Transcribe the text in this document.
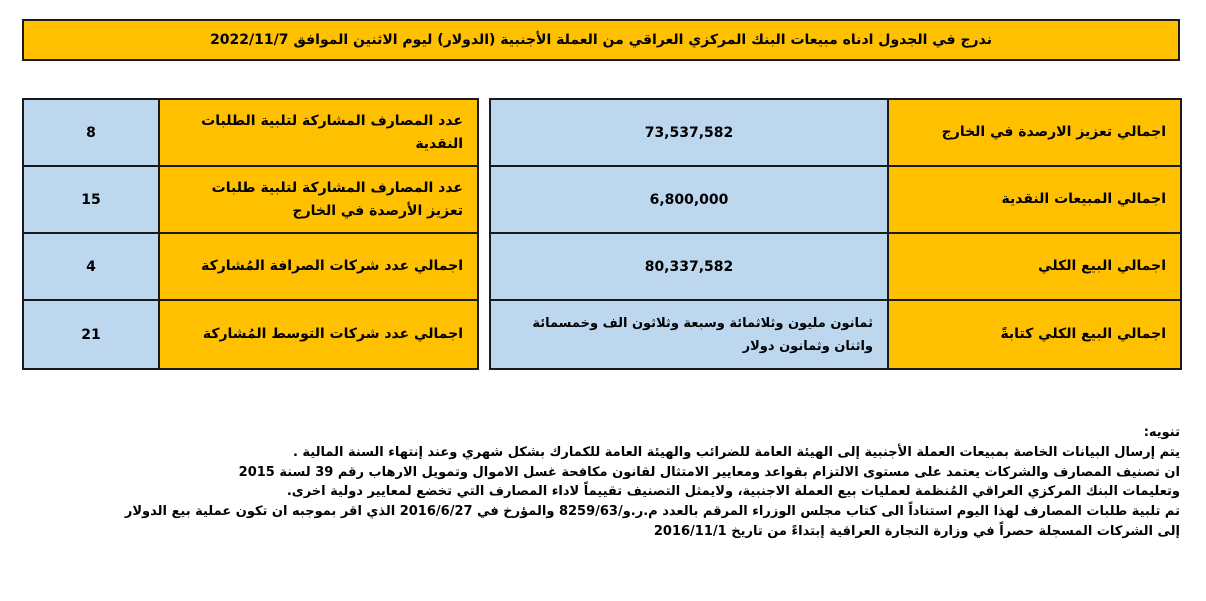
ندرج في الجدول ادناه مبيعات البنك المركزي العراقي من العملة الأجنبية (الدولار) ليوم الاثنين الموافق 2022/11/7
73,537,582	اجمالي تعزيز الارصدة في الخارج
6,800,000	اجمالي المبيعات النقدية
80,337,582	اجمالي البيع الكلي
ثمانون مليون وثلاثمائة وسبعة وثلاثون الف وخمسمائة واثنان وثمانون دولار	اجمالي البيع الكلي كتابةً
8	عدد المصارف المشاركة لتلبية الطلبات النقدية
15	عدد المصارف المشاركة لتلبية طلبات تعزيز الأرصدة في الخارج
4	اجمالي عدد شركات الصرافة المُشاركة
21	اجمالي عدد شركات التوسط المُشاركة

تنويه:

يتم إرسال البيانات الخاصة بمبيعات العملة الأجنبية إلى الهيئة العامة للضرائب والهيئة العامة للكمارك بشكل شهري وعند إنتهاء السنة المالية .

ان تصنيف المصارف والشركات يعتمد على مستوى الالتزام بقواعد ومعايير الامتثال لقانون مكافحة غسل الاموال وتمويل الارهاب رقم 39 لسنة 2015

وتعليمات البنك المركزي العراقي المُنظمة لعمليات بيع العملة الاجنبية، ولايمثل التصنيف تقييماً لاداء المصارف التي تخضع لمعايير دولية اخرى.

تم تلبية طلبات المصارف لهذا اليوم استناداً الى كتاب مجلس الوزراء المرقم بالعدد م.ر.و/8259/63 والمؤرخ في 2016/6/27 الذي اقر بموجبه ان تكون عملية بيع الدولار

إلى الشركات المسجلة حصراً في وزارة التجارة العراقية إبتداءً من تاريخ 2016/11/1
